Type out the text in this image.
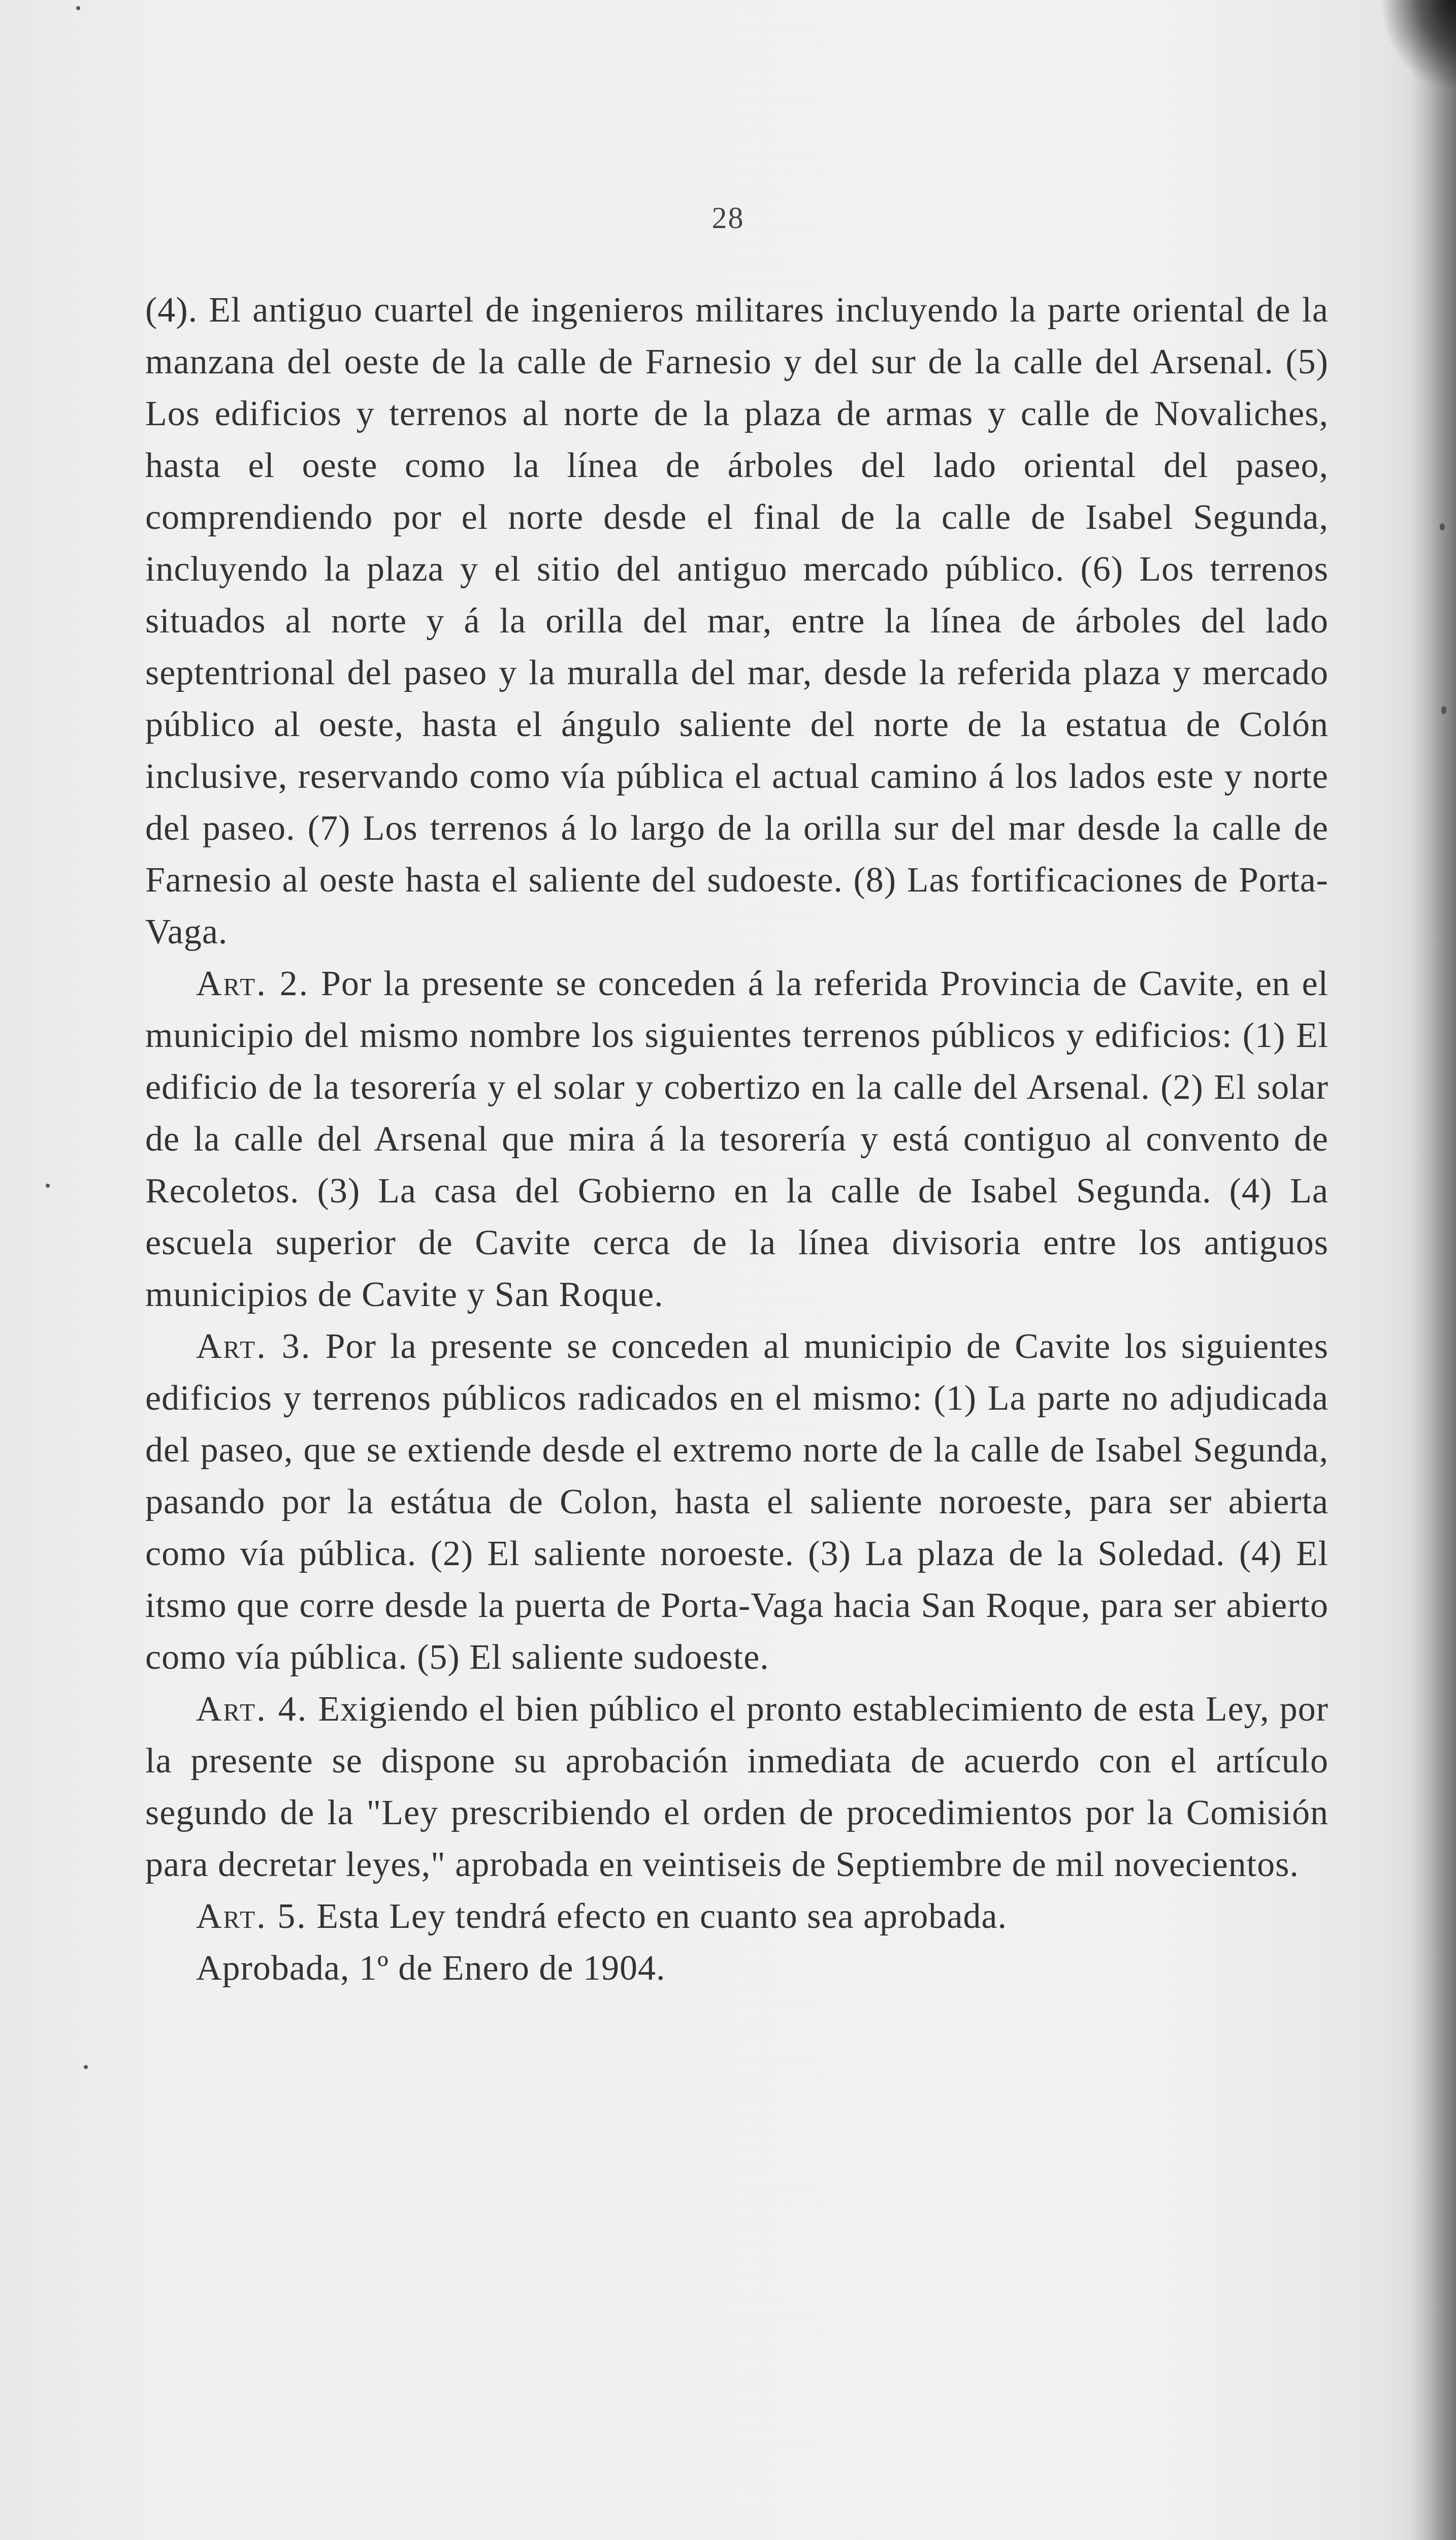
28

(4). El antiguo cuartel de ingenieros militares incluyendo la parte oriental de la manzana del oeste de la calle de Farnesio y del sur de la calle del Arsenal. (5) Los edificios y terrenos al norte de la plaza de armas y calle de Novaliches, hasta el oeste como la línea de árboles del lado oriental del paseo, comprendiendo por el norte desde el final de la calle de Isabel Segunda, incluyendo la plaza y el sitio del antiguo mercado público. (6) Los terrenos situados al norte y á la orilla del mar, entre la línea de árboles del lado septentrional del paseo y la muralla del mar, desde la referida plaza y mercado público al oeste, hasta el ángulo saliente del norte de la estatua de Colón inclusive, reservando como vía pública el actual camino á los lados este y norte del paseo. (7) Los terrenos á lo largo de la orilla sur del mar desde la calle de Farnesio al oeste hasta el saliente del sudoeste. (8) Las fortificaciones de Porta-Vaga.

Art. 2. Por la presente se conceden á la referida Provincia de Cavite, en el municipio del mismo nombre los siguientes terrenos públicos y edificios: (1) El edificio de la tesorería y el solar y cobertizo en la calle del Arsenal. (2) El solar de la calle del Arsenal que mira á la tesorería y está contiguo al convento de Recoletos. (3) La casa del Gobierno en la calle de Isabel Segunda. (4) La escuela superior de Cavite cerca de la línea divisoria entre los antiguos municipios de Cavite y San Roque.

Art. 3. Por la presente se conceden al municipio de Cavite los siguientes edificios y terrenos públicos radicados en el mismo: (1) La parte no adjudicada del paseo, que se extiende desde el extremo norte de la calle de Isabel Segunda, pasando por la estátua de Colon, hasta el saliente noroeste, para ser abierta como vía pública. (2) El saliente noroeste. (3) La plaza de la Soledad. (4) El itsmo que corre desde la puerta de Porta-Vaga hacia San Roque, para ser abierto como vía pública. (5) El saliente sudoeste.

Art. 4. Exigiendo el bien público el pronto establecimiento de esta Ley, por la presente se dispone su aprobación inmediata de acuerdo con el artículo segundo de la "Ley prescribiendo el orden de procedimientos por la Comisión para decretar leyes," aprobada en veintiseis de Septiembre de mil novecientos.

Art. 5. Esta Ley tendrá efecto en cuanto sea aprobada.

Aprobada, 1º de Enero de 1904.
